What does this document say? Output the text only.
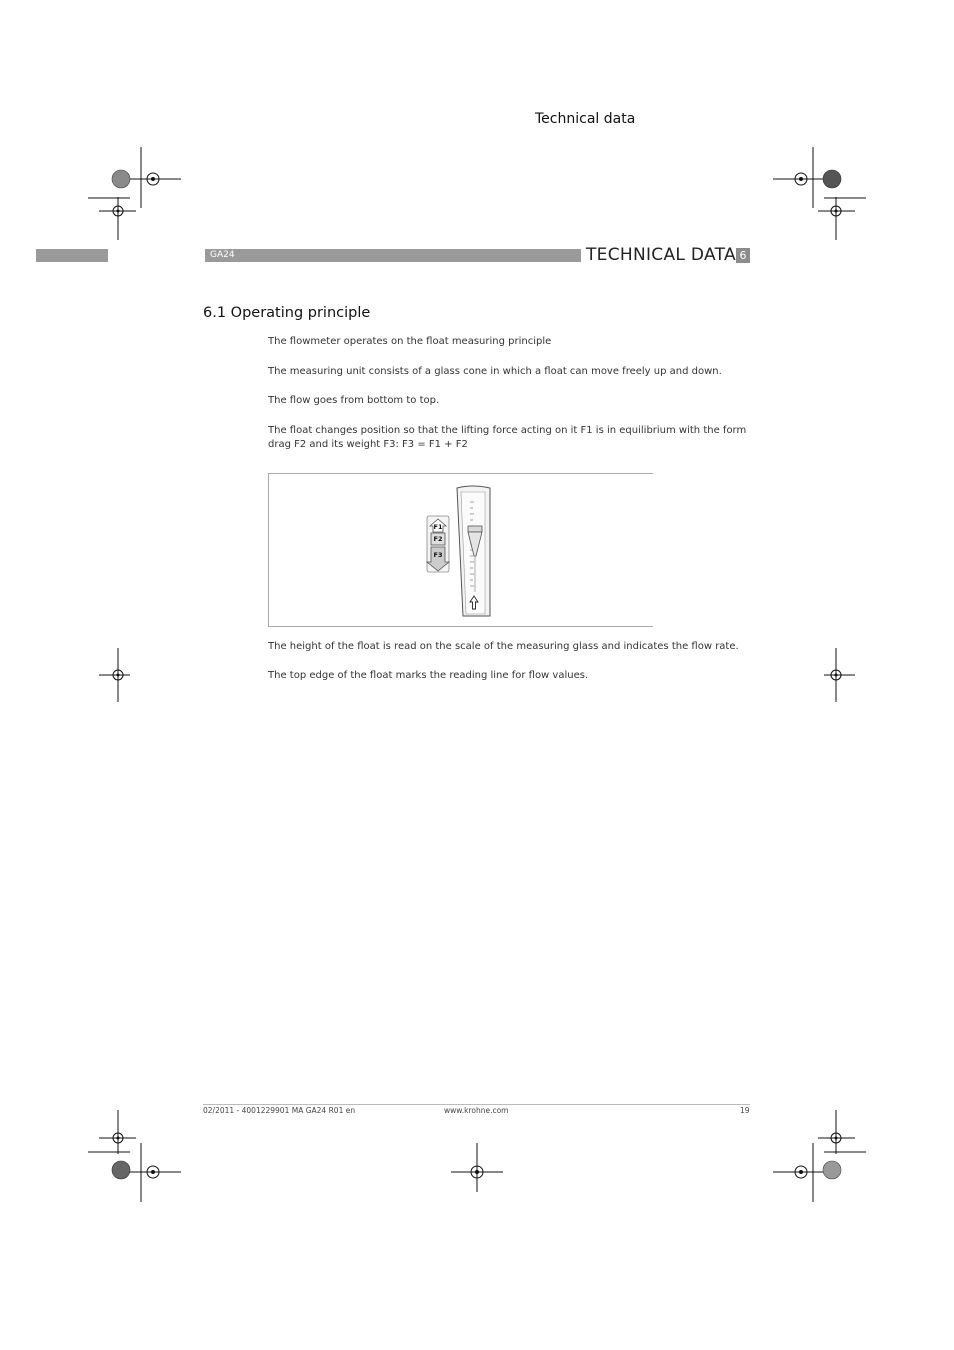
Technical data
GA24	TECHNICAL DATA 6
6.1 Operating principle
The flowmeter operates on the float measuring principle
The measuring unit consists of a glass cone in which a float can move freely up and down.
The flow goes from bottom to top.
The float changes position so that the lifting force acting on it F1 is in equilibrium with the form drag F2 and its weight F3: F3 = F1 + F2
F1
F2
F3
The height of the float is read on the scale of the measuring glass and indicates the flow rate.
The top edge of the float marks the reading line for flow values.
02/2011 - 4001229901 MA GA24 R01 en	www.krohne.com	19
